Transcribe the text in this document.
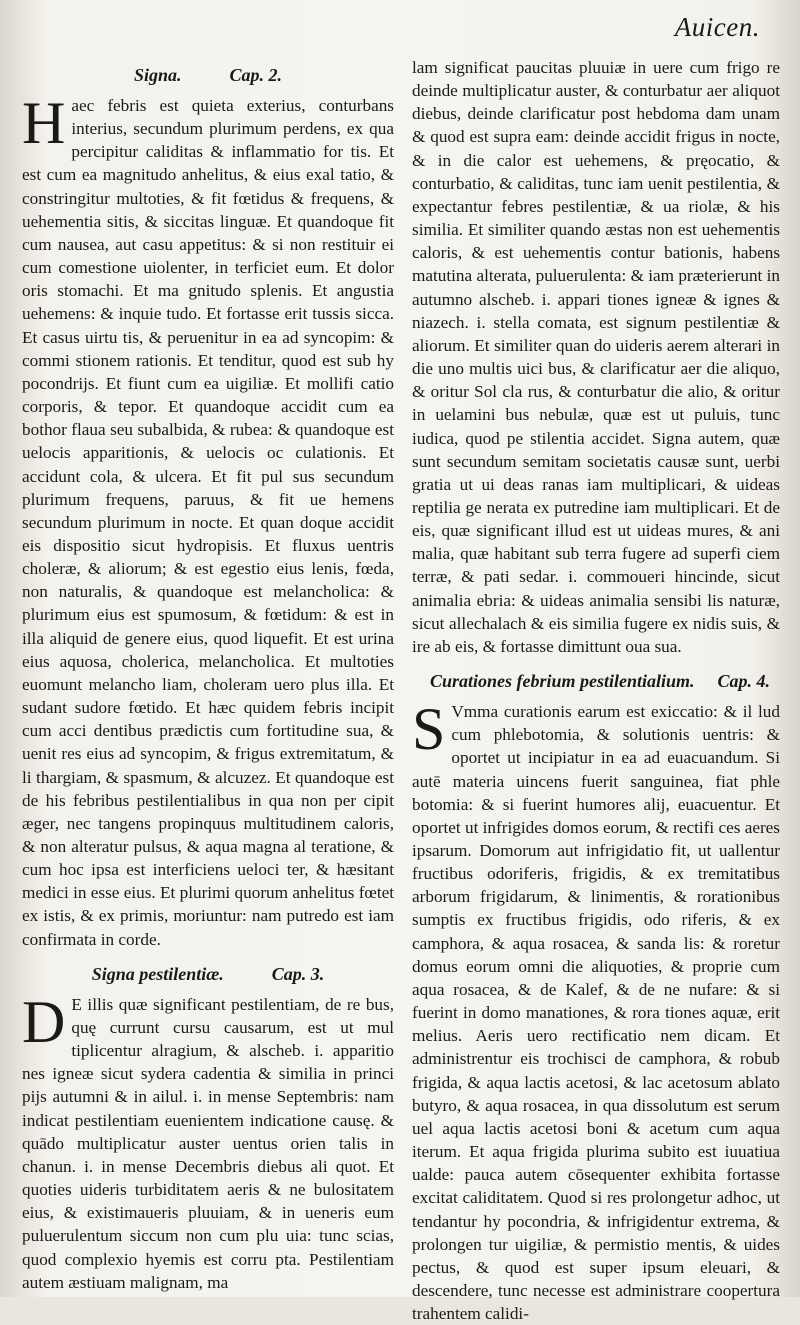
Auicen.
Signa.	Cap. 2.
H aec febris est quieta exterius, conturbans interius, secundum plurimum perdens, ex qua percipitur caliditas & inflammatio for tis. Et est cum ea magnitudo anhelitus, & eius exal tatio, & constringitur multoties, & fit fœtidus & frequens, & uehementia sitis, & siccitas linguæ. Et quandoque fit cum nausea, aut casu appetitus: & si non restituir ei cum comestione uiolenter, in terficiet eum. Et dolor oris stomachi. Et ma gnitudo splenis. Et angustia uehemens: & inquie tudo. Et fortasse erit tussis sicca. Et casus uirtu tis, & peruenitur in ea ad syncopim: & commi stionem rationis. Et tenditur, quod est sub hy pocondrijs. Et fiunt cum ea uigiliæ. Et mollifi catio corporis, & tepor. Et quandoque accidit cum ea bothor flaua seu subalbida, & rubea: & quandoque est uelocis apparitionis, & uelocis oc culationis. Et accidunt cola, & ulcera. Et fit pul sus secundum plurimum frequens, paruus, & fit ue hemens secundum plurimum in nocte. Et quan doque accidit eis dispositio sicut hydropisis. Et fluxus uentris choleræ, & aliorum; & est egestio eius lenis, fœda, non naturalis, & quandoque est melancholica: & plurimum eius est spumosum, & fœtidum: & est in illa aliquid de genere eius, quod liquefit. Et est urina eius aquosa, cholerica, melancholica. Et multoties euomunt melancho liam, choleram uero plus illa. Et sudant sudore fœtido. Et hæc quidem febris incipit cum acci dentibus prædictis cum fortitudine sua, & uenit res eius ad syncopim, & frigus extremitatum, & li thargiam, & spasmum, & alcuzez. Et quandoque est de his febribus pestilentialibus in qua non per cipit æger, nec tangens propinquus multitudinem caloris, & non alteratur pulsus, & aqua magna al teratione, & cum hoc ipsa est interficiens ueloci ter, & hæsitant medici in esse eius. Et plurimi quorum anhelitus fœtet ex istis, & ex primis, moriuntur: nam putredo est iam confirmata in corde.

Signa pestilentiæ.	Cap. 3.
D E illis quæ significant pestilentiam, de re bus, quę currunt cursu causarum, est ut mul tiplicentur alragium, & alscheb. i. apparitio nes igneæ sicut sydera cadentia & similia in princi pijs autumni & in ailul. i. in mense Septembris: nam indicat pestilentiam euenientem indicatione causę. & quādo multiplicatur auster uentus orien talis in chanun. i. in mense Decembris diebus ali quot. Et quoties uideris turbiditatem aeris & ne bulositatem eius, & existimaueris pluuiam, & in ueneris eum puluerulentum siccum non cum plu uia: tunc scias, quod complexio hyemis est corru pta. Pestilentiam autem æstiuam malignam, ma

lam significat paucitas pluuiæ in uere cum frigo re deinde multiplicatur auster, & conturbatur aer aliquot diebus, deinde clarificatur post hebdoma dam unam & quod est supra eam: deinde accidit frigus in nocte, & in die calor est uehemens, & pręocatio, & conturbatio, & caliditas, tunc iam uenit pestilentia, & expectantur febres pestilentiæ, & ua riolæ, & his similia. Et similiter quando æstas non est uehementis caloris, & est uehementis contur bationis, habens matutina alterata, puluerulenta: & iam præterierunt in autumno alscheb. i. appari tiones igneæ & ignes & niazech. i. stella comata, est signum pestilentiæ & aliorum. Et similiter quan do uideris aerem alterari in die uno multis uici bus, & clarificatur aer die aliquo, & oritur Sol cla rus, & conturbatur die alio, & oritur in uelamini bus nebulæ, quæ est ut puluis, tunc iudica, quod pe stilentia accidet. Signa autem, quæ sunt secundum semitam societatis causæ sunt, uerbi gratia ut ui deas ranas iam multiplicari, & uideas reptilia ge nerata ex putredine iam multiplicari. Et de eis, quæ significant illud est ut uideas mures, & ani malia, quæ habitant sub terra fugere ad superfi ciem terræ, & pati sedar. i. commoueri hincinde, sicut animalia ebria: & uideas animalia sensibi lis naturæ, sicut allechalach & eis similia fugere ex nidis suis, & ire ab eis, & fortasse dimittunt oua sua.

Curationes febrium pestilentialium. Cap. 4.
S Vmma curationis earum est exiccatio: & il lud cum phlebotomia, & solutionis uentris: & oportet ut incipiatur in ea ad euacuandum. Si autē materia uincens fuerit sanguinea, fiat phle botomia: & si fuerint humores alij, euacuentur. Et oportet ut infrigides domos eorum, & rectifi ces aeres ipsarum. Domorum aut infrigidatio fit, ut uallentur fructibus odoriferis, frigidis, & ex tremitatibus arborum frigidarum, & linimentis, & rorationibus sumptis ex fructibus frigidis, odo riferis, & ex camphora, & aqua rosacea, & sanda lis: & roretur domus eorum omni die aliquoties, & proprie cum aqua rosacea, & de Kalef, & de ne nufare: & si fuerint in domo manationes, & rora tiones aquæ, erit melius. Aeris uero rectificatio nem dicam. Et administrentur eis trochisci de camphora, & robub frigida, & aqua lactis acetosi, & lac acetosum ablato butyro, & aqua rosacea, in qua dissolutum est serum uel aqua lactis acetosi boni & acetum cum aqua iterum. Et aqua frigida plurima subito est iuuatiua ualde: pauca autem cōsequenter exhibita fortasse excitat caliditatem. Quod si res prolongetur adhoc, ut tendantur hy pocondria, & infrigidentur extrema, & prolongen tur uigiliæ, & permistio mentis, & uides pectus, & quod est super ipsum eleuari, & descendere, tunc necesse est administrare coopertura trahentem calidi-
